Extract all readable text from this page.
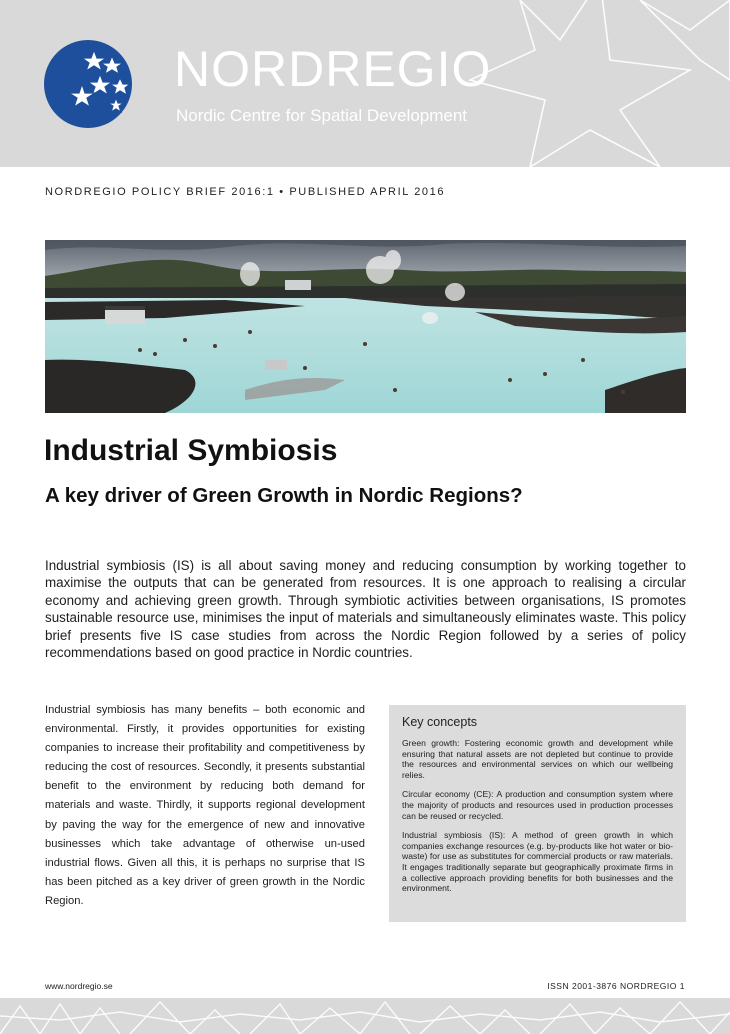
NORDREGIO
Nordic Centre for Spatial Development
NORDREGIO POLICY BRIEF 2016:1 • PUBLISHED APRIL 2016
Industrial Symbiosis
A key driver of Green Growth in Nordic Regions?

Industrial symbiosis (IS) is all about saving money and reducing consumption by working together to maximise the outputs that can be generated from resources. It is one approach to realising a circular economy and achieving green growth. Through symbiotic activities between organisations, IS promotes sustainable resource use, minimises the input of materials and simultaneously eliminates waste. This policy brief presents five IS case studies from across the Nordic Region followed by a series of policy recommendations based on good practice in Nordic countries.

Industrial symbiosis has many benefits – both economic and environmental. Firstly, it provides opportunities for existing companies to increase their profitability and competitiveness by reducing the cost of resources. Secondly, it presents substantial benefit to the environment by reducing both demand for materials and waste. Thirdly, it supports regional development by paving the way for the emergence of new and innovative businesses which take advantage of otherwise un-used industrial flows. Given all this, it is perhaps no surprise that IS has been pitched as a key driver of green growth in the Nordic Region.

Key concepts

Green growth: Fostering economic growth and development while ensuring that natural assets are not depleted but continue to provide the resources and environmental services on which our wellbeing relies.

Circular economy (CE): A production and consumption system where the majority of products and resources used in production processes can be reused or recycled.

Industrial symbiosis (IS): A method of green growth in which companies exchange resources (e.g. by-products like hot water or bio-waste) for use as substitutes for commercial products or raw materials. It engages traditionally separate but geographically proximate firms in a collective approach providing benefits for both businesses and the environment.

www.nordregio.se	ISSN 2001-3876 NORDREGIO 1
